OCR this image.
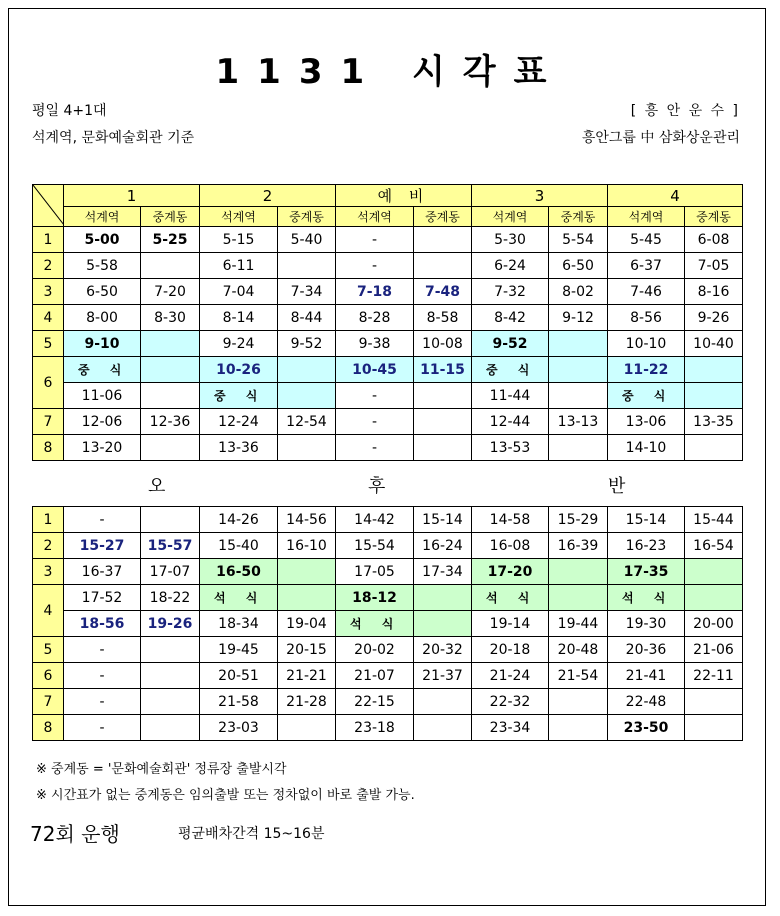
1131 시각표
평일 4+1대
석계역, 문화예술회관 기준
[ 흥 안 운 수 ]
흥안그룹 中 삼화상운관리
	1		2		예 비		3		4	
	석계역	중계동	석계역	중계동	석계역	중계동	석계역	중계동	석계역	중계동
1	5-00	5-25	5-15	5-40	-		5-30	5-54	5-45	6-08
2	5-58		6-11		-		6-24	6-50	6-37	7-05
3	6-50	7-20	7-04	7-34	7-18	7-48	7-32	8-02	7-46	8-16
4	8-00	8-30	8-14	8-44	8-28	8-58	8-42	9-12	8-56	9-26
5	9-10		9-24	9-52	9-38	10-08	9-52		10-10	10-40
6	중 식		10-26		10-45	11-15	중 식		11-22	
	11-06		중 식		-		11-44		중 식	
7	12-06	12-36	12-24	12-54	-		12-44	13-13	13-06	13-35
8	13-20		13-36		-		13-53		14-10	
오	후	반
1	-		14-26	14-56	14-42	15-14	14-58	15-29	15-14	15-44
2	15-27	15-57	15-40	16-10	15-54	16-24	16-08	16-39	16-23	16-54
3	16-37	17-07	16-50		17-05	17-34	17-20		17-35	
4	17-52	18-22	석 식		18-12		석 식		석 식	
	18-56	19-26	18-34	19-04	석 식		19-14	19-44	19-30	20-00
5	-		19-45	20-15	20-02	20-32	20-18	20-48	20-36	21-06
6	-		20-51	21-21	21-07	21-37	21-24	21-54	21-41	22-11
7	-		21-58	21-28	22-15		22-32		22-48	
8	-		23-03		23-18		23-34		23-50	
※ 중계동 = '문화예술회관' 정류장 출발시각
※ 시간표가 없는 중계동은 임의출발 또는 정차없이 바로 출발 가능.
72회 운행	평균배차간격 15~16분
